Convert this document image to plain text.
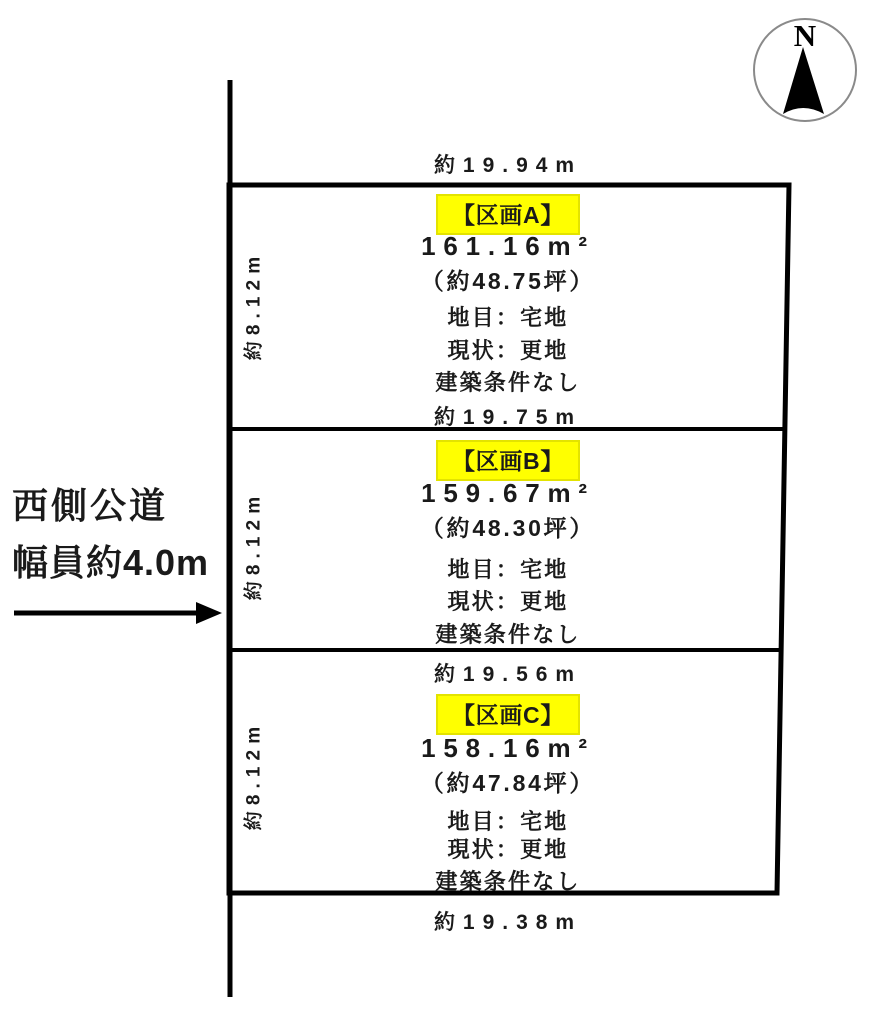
N
約19.94m
【区画A】
161.16m²
（約48.75坪）
地目：宅地
現状：更地
建築条件なし
約19.75m
約8.12m
【区画B】
159.67m²
（約48.30坪）
地目：宅地
現状：更地
建築条件なし
約8.12m
約19.56m
【区画C】
158.16m²
（約47.84坪）
地目：宅地
現状：更地
建築条件なし
約8.12m
約19.38m
西側公道
幅員約4.0m
